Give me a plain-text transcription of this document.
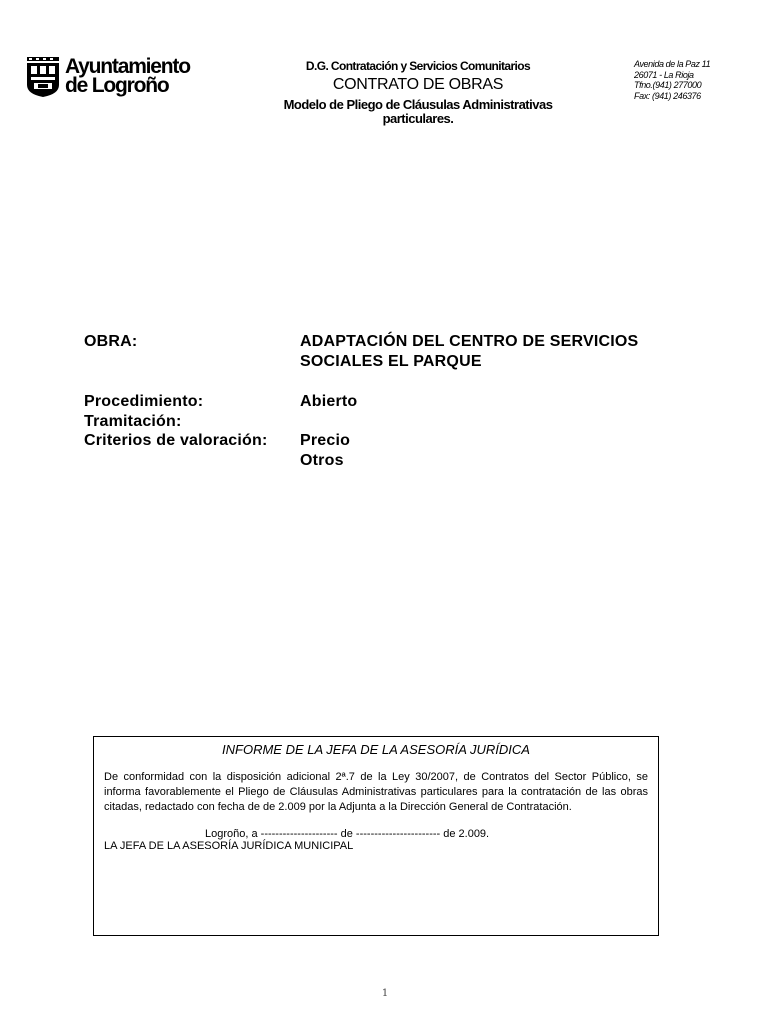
Ayuntamiento
de Logroño
D.G. Contratación y Servicios Comunitarios
CONTRATO DE OBRAS
Modelo de Pliego de Cláusulas Administrativas
particulares.
Avenida de la Paz 11
26071 - La Rioja
Tfno.(941) 277000
Fax: (941) 246376
OBRA:	ADAPTACIÓN DEL CENTRO DE SERVICIOS
SOCIALES EL PARQUE
Procedimiento:	Abierto
Tramitación:
Criterios de valoración: Precio
Otros
INFORME DE LA JEFA DE LA ASESORÍA JURÍDICA
De conformidad con la disposición adicional 2ª.7 de la Ley 30/2007, de Contratos del Sector Público, se informa favorablemente el Pliego de Cláusulas Administrativas particulares para la contratación de las obras citadas, redactado con fecha de de 2.009 por la Adjunta a la Dirección General de Contratación.
Logroño, a --------------------- de ----------------------- de 2.009.
LA JEFA DE LA ASESORÍA JURÍDICA MUNICIPAL
1
